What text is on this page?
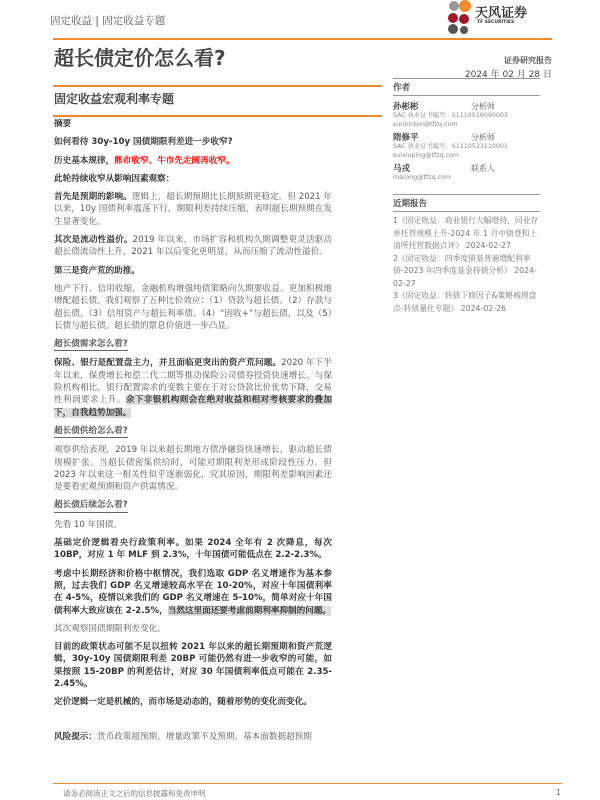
固定收益 | 固定收益专题	天风证券
TF SECURITIES
超长债定价怎么看?	证券研究报告
2024 年 02 月 28 日
固定收益宏观利率专题

摘要

如何看待 30y-10y 国债期限利差进一步收窄?

历史基本规律，熊市收窄、牛市先走阔再收窄。

此轮持续收窄从影响因素观察：

首先是预期的影响。逻辑上，超长期预期比长期预期更稳定。但 2021 年以来，10y 国债利率震荡下行，期限利差持续压缩，表明超长期预期在发生显著变化。

其次是流动性溢价。2019 年以来，市场扩容和机构久期调整更灵活驱动超长债流动性上升，2021 年以后变化更明显，从而压缩了流动性溢价。

第三是资产荒的助推。

地产下行、信用收缩，金融机构增强纯债策略向久期要收益、更加积极地增配超长债。我们观察了五种比价效应：（1）贷款与超长债、（2）存款与超长债、（3）信用资产与超长利率债、（4）“固收+”与超长债，以及（5）长债与超长债。超长债的票息价值进一步凸显。

超长债需求怎么看?

保险、银行是配置盘主力，并且面临更突出的资产荒问题。2020 年下半年以来，保费增长和偿二代二期等推动保险公司债券投资快速增长。与保险机构相比，银行配置需求的变数主要在于对公贷款比价优势下降，交易性利润要求上升。余下非银机构则会在绝对收益和相对考核要求的叠加下，自我趋势加强。

超长债供给怎么看?

观察供给表现，2019 年以来超长期地方债净融资快速增长，驱动超长债规模扩张。当超长债密集供给时，可能对期限利差形成阶段性压力。但 2023 年以来这一相关性似乎逐渐弱化，究其原因，期限利差影响因素还是要看宏观预期和资产供需情况。

超长债后续怎么看?

先看 10 年国债。

基础定价逻辑看央行政策利率。如果 2024 全年有 2 次降息，每次 10BP，对应 1 年 MLF 到 2.3%，十年国债可能低点在 2.2-2.3%。

考虑中长期经济和价格中枢情况，我们选取 GDP 名义增速作为基本参照，过去我们 GDP 名义增速较高水平在 10-20%，对应十年国债利率在 4-5%，疫情以来我们的 GDP 名义增速在 5-10%，简单对应十年国债利率大致应该在 2-2.5%，当然这里面还要考虑前期利率抑制的问题。

其次观察国债期限利差变化。

目前的政策状态可能不足以扭转 2021 年以来的超长期预期和资产荒逻辑，30y-10y 国债期限利差 20BP 可能仍然有进一步收窄的可能，如果按照 15-20BP 的利差估计，对应 30 年国债利率低点可能在 2.35-2.45%。

定价逻辑一定是机械的，而市场是动态的，随着形势的变化而变化。

风险提示：货币政策超预期、增量政策不及预期、基本面数据超预期

作者
孙彬彬	分析师
SAC 执业证书编号：S1110516090003
sunbinbin@tfzq.com
隋修平	分析师
SAC 执业证书编号：S1110523110001
suixiuping@tfzq.com
马戎	联系人
marong@tfzq.com
近期报告
1《固定收益：商业银行大幅增持，同业存单托管规模上升-2024 年 1 月中债登和上清所托管数据点评》 2024-02-27
2《固定收益：四季度债基普遍增配利率债-2023 年四季度基金持债分析》 2024-02-27
3《固定收益：转债下修因子&策略梳理盘点-转债量化专题》 2024-02-26
请务必阅读正文之后的信息披露和免责申明	1
